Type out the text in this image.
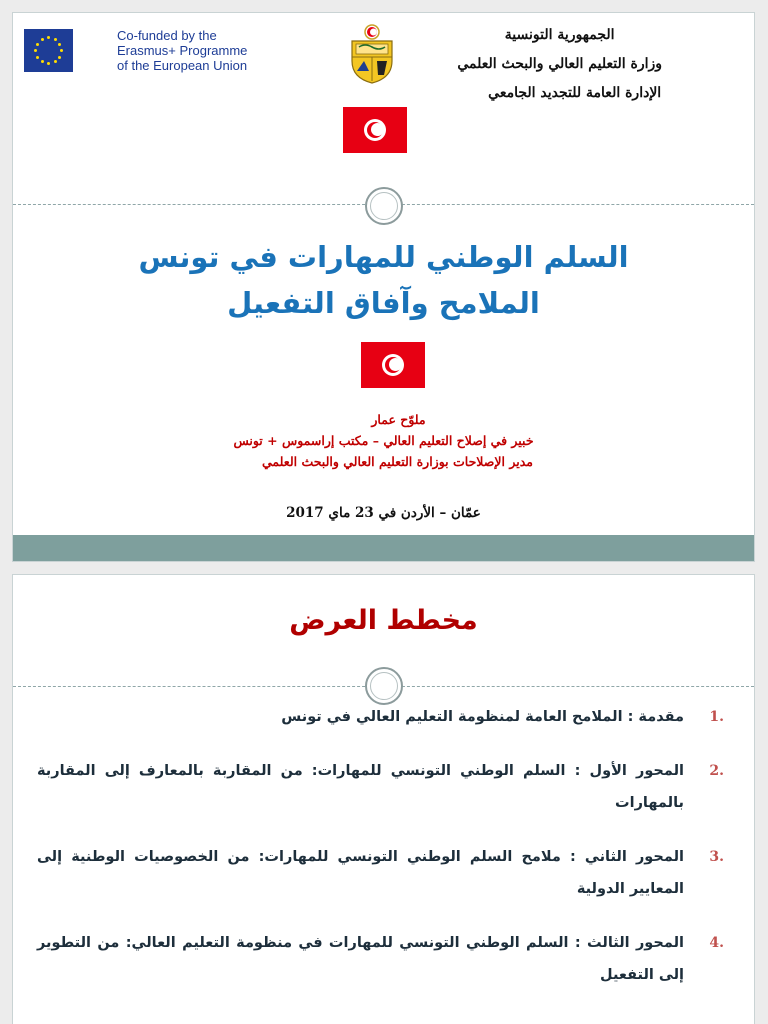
Co-funded by the
Erasmus+ Programme
of the European Union
الجمهورية التونسية
وزارة التعليم العالي والبحث العلمي
الإدارة العامة للتجديد الجامعي
السلم الوطني للمهارات في تونس
الملامح وآفاق التفعيل
ملوّح عمار
خبير في إصلاح التعليم العالي – مكتب إراسموس + تونس
مدير الإصلاحات بوزارة التعليم العالي والبحث العلمي
عمّان – الأردن في 23 ماي 2017
مخطط العرض
.1
مقدمة : الملامح العامة لمنظومة التعليم العالي في تونس
.2
المحور الأول : السلم الوطني التونسي للمهارات: من المقاربة بالمعارف إلى المقاربة بالمهارات
.3
المحور الثاني : ملامح السلم الوطني التونسي للمهارات: من الخصوصيات الوطنية إلى المعايير الدولية
.4
المحور الثالث : السلم الوطني التونسي للمهارات في منظومة التعليم العالي: من التطوير إلى التفعيل
